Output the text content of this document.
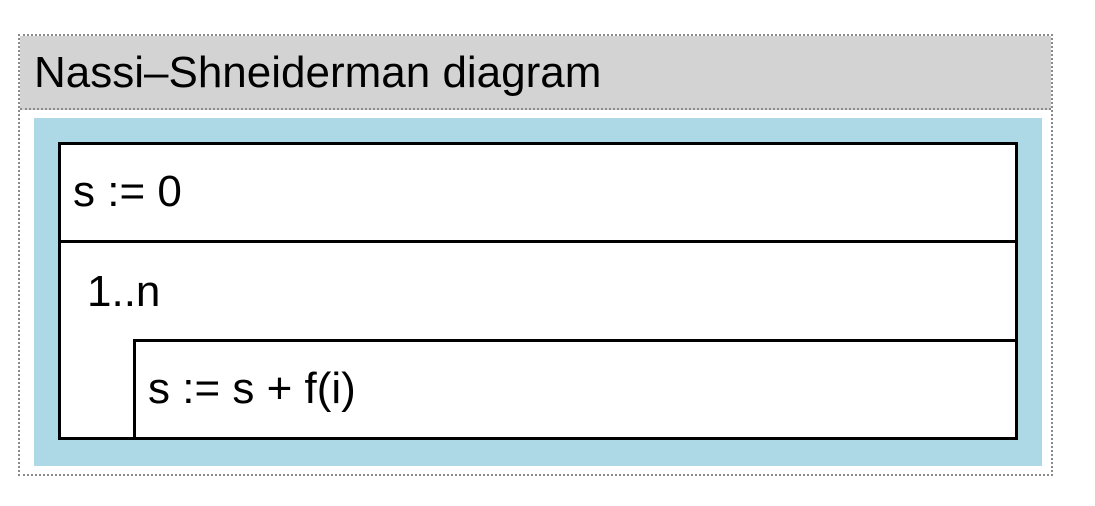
Nassi–Shneiderman diagram
s := 0
1..n
s := s + f(i)
